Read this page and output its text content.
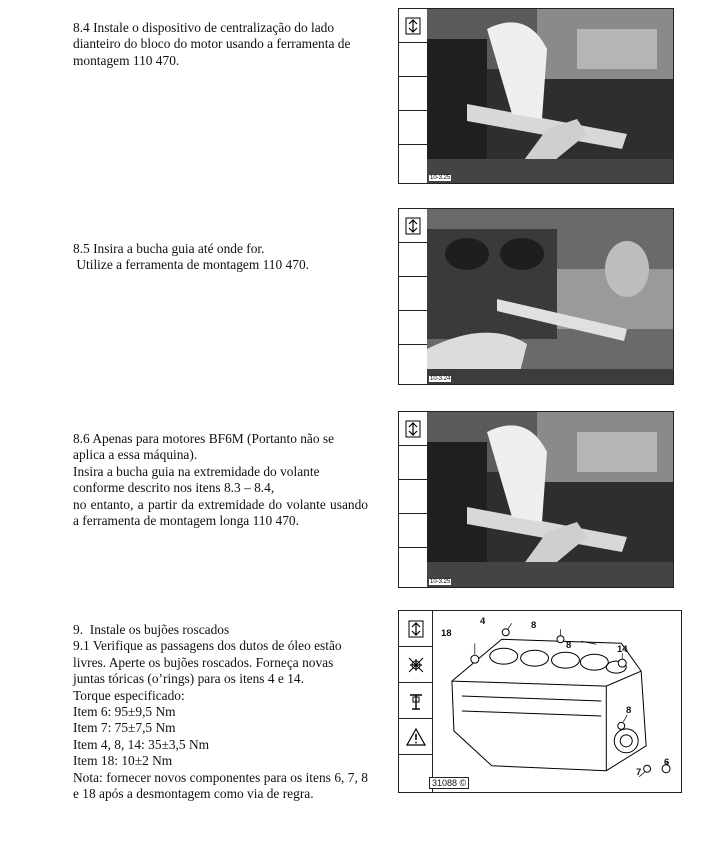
8.4 Instale o dispositivo de centralização do lado dianteiro do bloco do motor usando a ferramenta de montagem 110 470.

8.5 Insira a bucha guia até onde for.

Utilize a ferramenta de montagem 110 470.

8.6 Apenas para motores BF6M (Portanto não se aplica a essa máquina).

Insira a bucha guia na extremidade do volante conforme descrito nos itens 8.3 – 8.4,

no entanto, a partir da extremidade do volante usando a ferramenta de montagem longa 110 470.

9.  Instale os bujões roscados

9.1 Verifique as passagens dos dutos de óleo estão livres. Aperte os bujões roscados. Forneça novas juntas tóricas (o’rings) para os itens 4 e 14.

Torque especificado:

Item 6: 95±9,5 Nm

Item 7: 75±7,5 Nm

Item 4, 8, 14: 35±3,5 Nm

Item 18: 10±2 Nm

Nota: fornecer novos componentes para os itens 6, 7, 8 e 18 após a desmontagem como via de regra.

10-3.25
10-3.24
10-3.25
18
4	8
8	14
8
7
6
31088 ©
